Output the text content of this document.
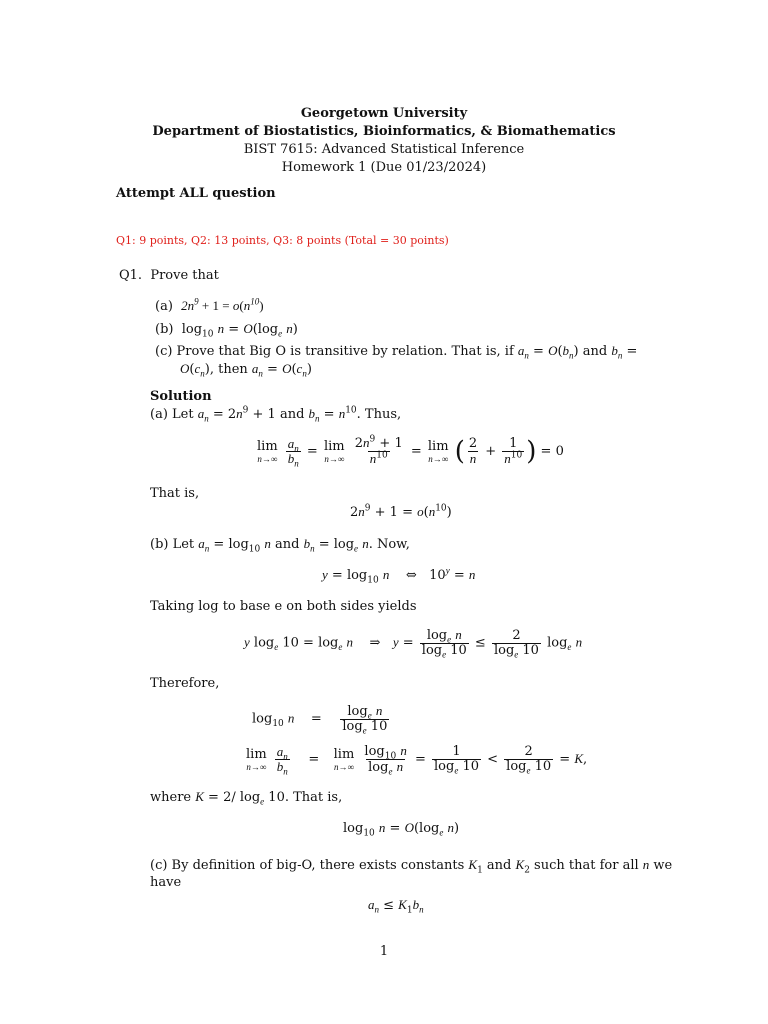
Georgetown University
Department of Biostatistics, Bioinformatics, & Biomathematics
BIST 7615: Advanced Statistical Inference
Homework 1 (Due 01/23/2024)
Attempt ALL question
Q1: 9 points, Q2: 13 points, Q3: 8 points (Total = 30 points)
Q1. Prove that
(a)  $2n^9 + 1 = o(n^{10})$
(b)  $\log_{10} n = O(\log_e$ n)
(c) Prove that Big O is transitive by relation. That is, if $a_n = O(b_n)$ and $b_n$ =
$O(c_n)$, then $a_n = O(c_n)$
Solution
(a) Let $a_n = 2n^9 + 1$ and $b_n = n^{10}$. Thus,
lim
n→∞
$\frac{a_n}{b_n} = \lim$
n→∞
$\frac{2n^9 + 1}{n^{10}} = \lim$
n→∞ ( $\frac{2}{n} + \frac{1}{n^{10}}$ ) = 0
That is,
$2n^9 + 1 = o(n^{10})$
(b) Let $a_n = \log_{10} n$ and $b_n = \log_e n$. Now,
$y = \log_{10} n$    ⇔   $10^y = n$
Taking log to base e on both sides yields
y $\log_e 10 = \log_e n$    ⇒   $y = \frac{\log_e n}{\log_e 10} \le \frac{2}{\log_e 10} \log_e n$
Therefore,
$\log_{10} n$    = $\frac{\log_e n}{\log_e 10}$
lim
n→∞
$\frac{a_n}{b_n} = \lim$
n→∞
$\frac{\log_{10} n}{\log_e n} = \frac{1}{\log_e 10} < \frac{2}{\log_e 10} = K$,
where K = 2/ $\log_e 10$. That is,
$\log_{10} n = O(\log_e$ n)
(c) By definition of big-O, there exists constants $K_1$ and $K_2$ such that for all n we
have
$a_n \le K_1b_n$
1
